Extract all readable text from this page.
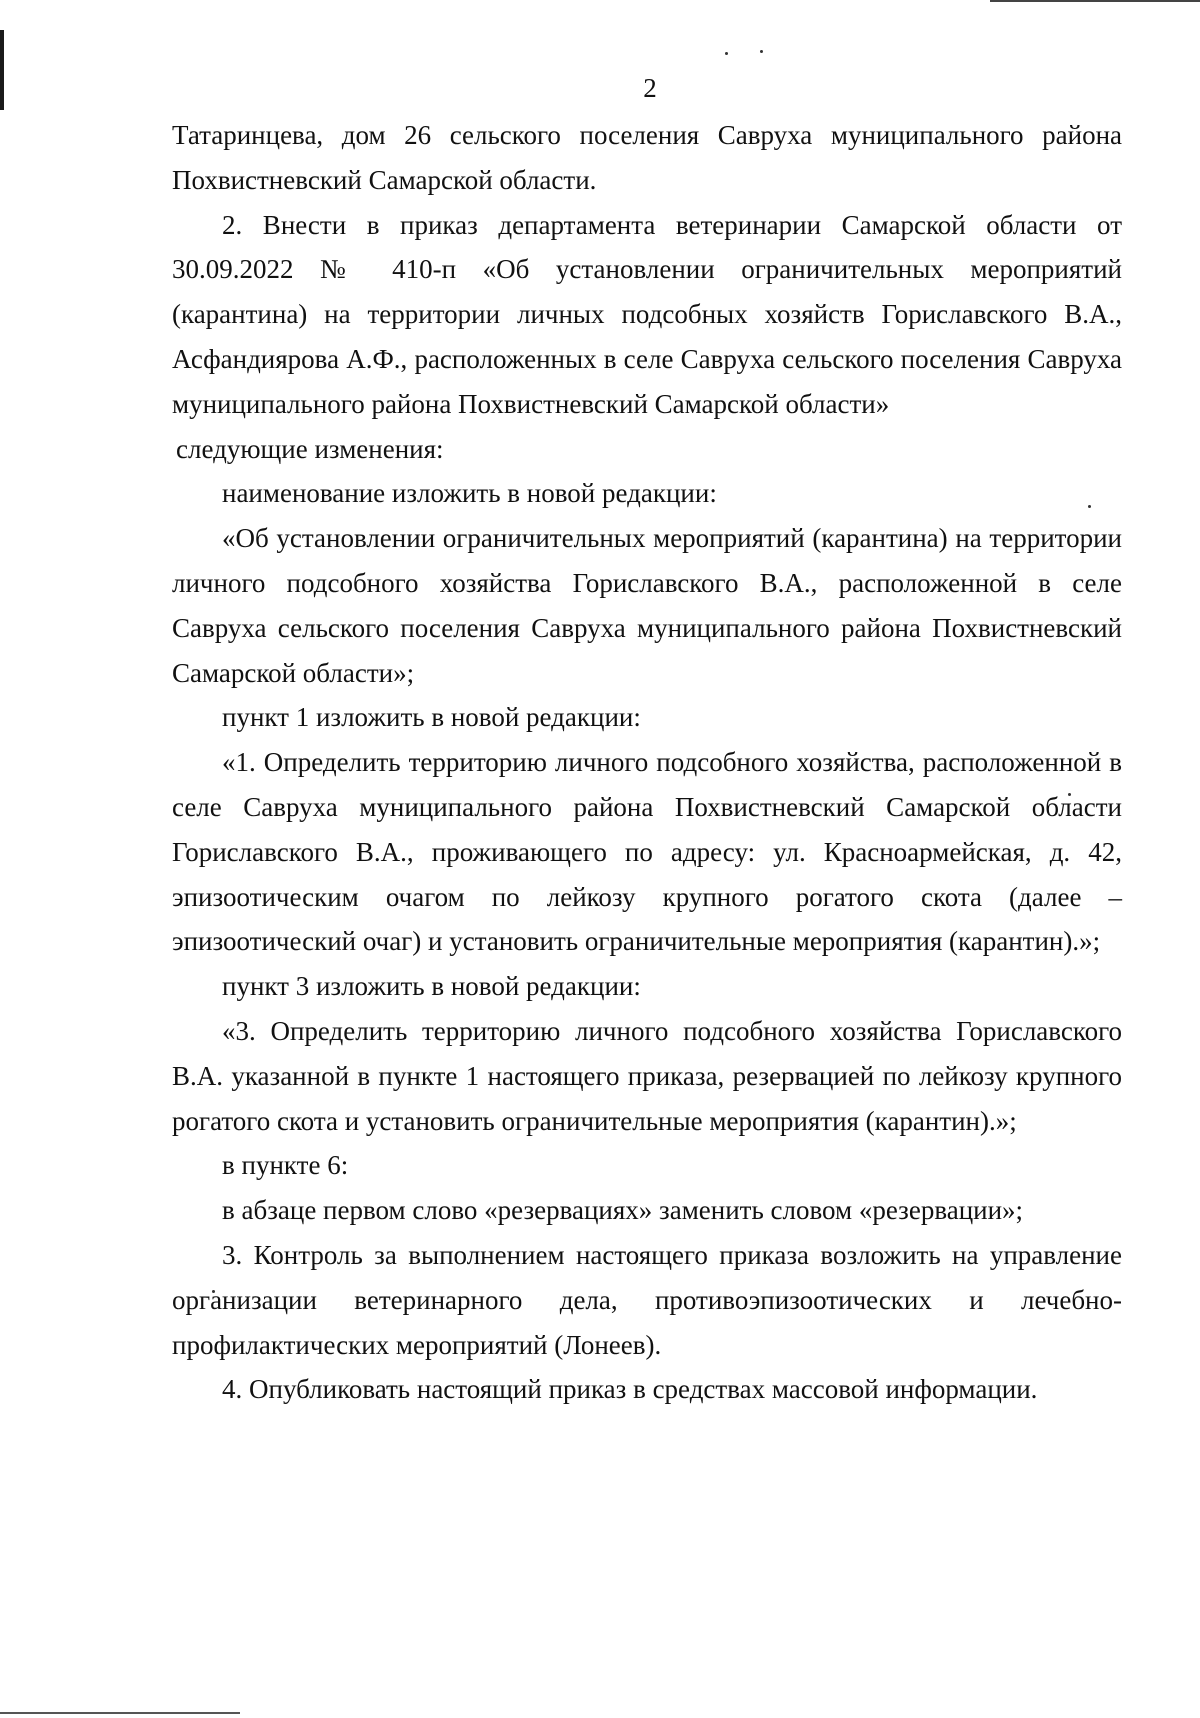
2

Татаринцева, дом 26 сельского поселения Савруха муниципального района Похвистневский Самарской области.

2. Внести в приказ департамента ветеринарии Самарской области от 30.09.2022 № 410-п «Об установлении ограничительных мероприятий (карантина) на территории личных подсобных хозяйств Гориславского В.А., Асфандиярова А.Ф., расположенных в селе Савруха сельского поселения Савруха муниципального района Похвистневский Самарской области»

следующие изменения:

наименование изложить в новой редакции:

«Об установлении ограничительных мероприятий (карантина) на территории личного подсобного хозяйства Гориславского В.А., расположенной в селе Савруха сельского поселения Савруха муниципального района Похвистневский Самарской области»;

пункт 1 изложить в новой редакции:

«1. Определить территорию личного подсобного хозяйства, расположенной в селе Савруха муниципального района Похвистневский Самарской области Гориславского В.А., проживающего по адресу: ул. Красноармейская, д. 42, эпизоотическим очагом по лейкозу крупного рогатого скота (далее – эпизоотический очаг) и установить ограничительные мероприятия (карантин).»;

пункт 3 изложить в новой редакции:

«3. Определить территорию личного подсобного хозяйства Гориславского В.А. указанной в пункте 1 настоящего приказа, резервацией по лейкозу крупного рогатого скота и установить ограничительные мероприятия (карантин).»;

в пункте 6:

в абзаце первом слово «резервациях» заменить словом «резервации»;

3. Контроль за выполнением настоящего приказа возложить на управление организации ветеринарного дела, противоэпизоотических и лечебно-профилактических мероприятий (Лонеев).

4. Опубликовать настоящий приказ в средствах массовой информации.
